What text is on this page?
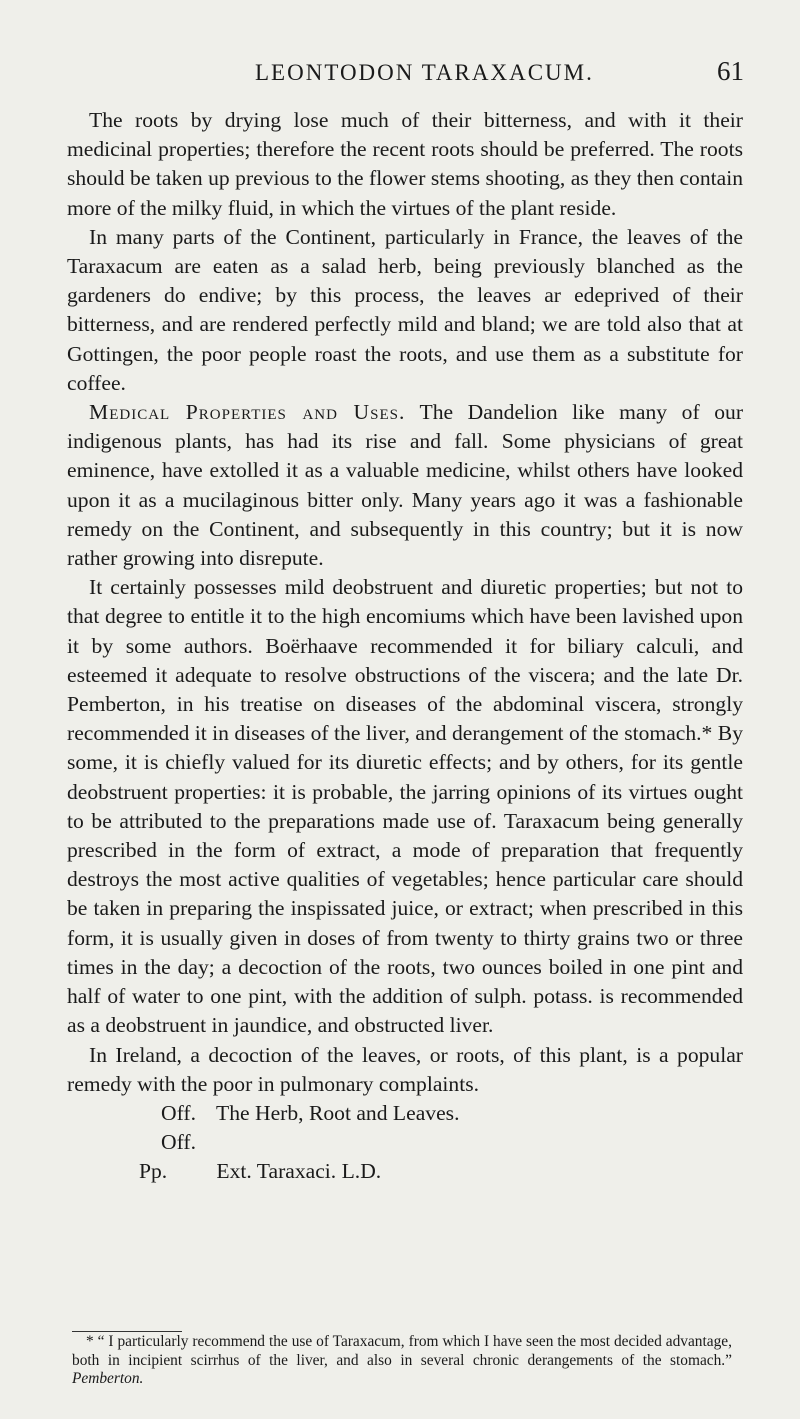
LEONTODON TARAXACUM.	61

The roots by drying lose much of their bitterness, and with it their medicinal properties; therefore the recent roots should be preferred. The roots should be taken up previous to the flower stems shooting, as they then contain more of the milky fluid, in which the virtues of the plant reside.

In many parts of the Continent, particularly in France, the leaves of the Taraxacum are eaten as a salad herb, being previously blanched as the gardeners do endive; by this process, the leaves ar edeprived of their bitterness, and are rendered perfectly mild and bland; we are told also that at Gottingen, the poor people roast the roots, and use them as a substitute for coffee.

Medical Properties and Uses. The Dandelion like many of our indigenous plants, has had its rise and fall. Some physicians of great eminence, have extolled it as a valuable medicine, whilst others have looked upon it as a mucilaginous bitter only. Many years ago it was a fashionable remedy on the Continent, and subsequently in this country; but it is now rather growing into disrepute.

It certainly possesses mild deobstruent and diuretic properties; but not to that degree to entitle it to the high encomiums which have been lavished upon it by some authors. Boërhaave recommended it for biliary calculi, and esteemed it adequate to resolve obstructions of the viscera; and the late Dr. Pemberton, in his treatise on diseases of the abdominal viscera, strongly recommended it in diseases of the liver, and derangement of the stomach.* By some, it is chiefly valued for its diuretic effects; and by others, for its gentle deobstruent properties: it is probable, the jarring opinions of its virtues ought to be attributed to the preparations made use of. Taraxacum being generally prescribed in the form of extract, a mode of preparation that frequently destroys the most active qualities of vegetables; hence particular care should be taken in preparing the inspissated juice, or extract; when prescribed in this form, it is usually given in doses of from twenty to thirty grains two or three times in the day; a decoction of the roots, two ounces boiled in one pint and half of water to one pint, with the addition of sulph. potass. is recommended as a deobstruent in jaundice, and obstructed liver.

In Ireland, a decoction of the leaves, or roots, of this plant, is a popular remedy with the poor in pulmonary complaints.

Off. The Herb, Root and Leaves.

Off. Pp. Ext. Taraxaci. L.D.

* “ I particularly recommend the use of Taraxacum, from which I have seen the most decided advantage, both in incipient scirrhus of the liver, and also in several chronic derangements of the stomach.” Pemberton.
